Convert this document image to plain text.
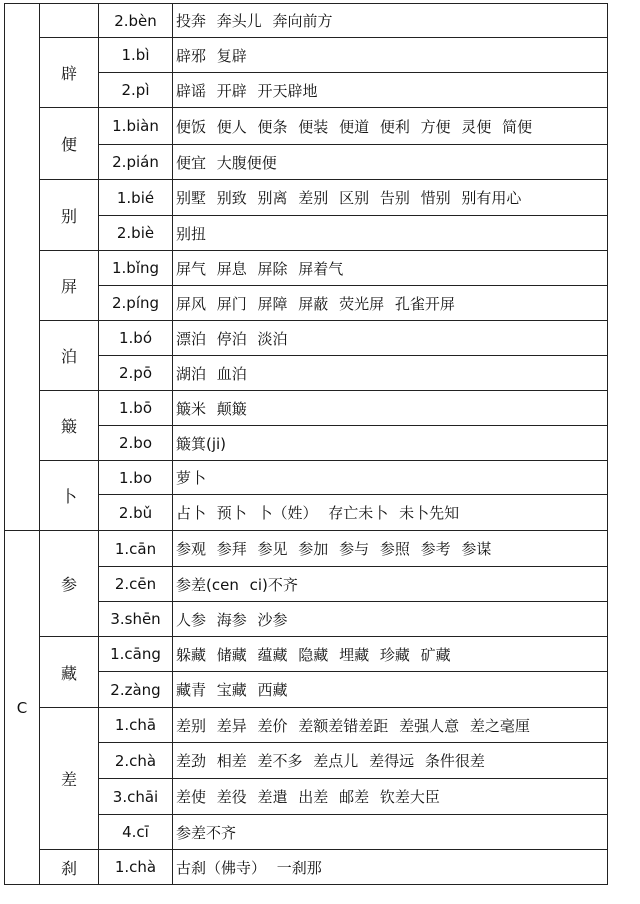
		2.bèn	投奔 奔头儿 奔向前方
	辟	1.bì	辟邪 复辟
		2.pì	辟谣 开辟 开天辟地
	便	1.biàn	便饭 便人 便条 便装 便道 便利 方便 灵便 简便
		2.pián	便宜 大腹便便
	别	1.bié	别墅 别致 别离 差别 区别 告别 惜别 别有用心
		2.biè	别扭
	屏	1.bǐng	屏气 屏息 屏除 屏着气
		2.píng	屏风 屏门 屏障 屏蔽 荧光屏 孔雀开屏
	泊	1.bó	漂泊 停泊 淡泊
		2.pō	湖泊 血泊
	簸	1.bō	簸米 颠簸
		2.bo	簸箕(ji)
	卜	1.bo	萝卜
		2.bǔ	占卜 预卜 卜（姓） 存亡未卜 未卜先知
C	参	1.cān	参观 参拜 参见 参加 参与 参照 参考 参谋
		2.cēn	参差(cen ci)不齐
		3.shēn	人参 海参 沙参
	藏	1.cāng	躲藏 储藏 蕴藏 隐藏 埋藏 珍藏 矿藏
		2.zàng	藏青 宝藏 西藏
	差	1.chā	差别 差异 差价 差额差错差距 差强人意 差之毫厘
		2.chà	差劲 相差 差不多 差点儿 差得远 条件很差
		3.chāi	差使 差役 差遣 出差 邮差 钦差大臣
		4.cī	参差不齐
	刹	1.chà	古刹（佛寺） 一刹那
